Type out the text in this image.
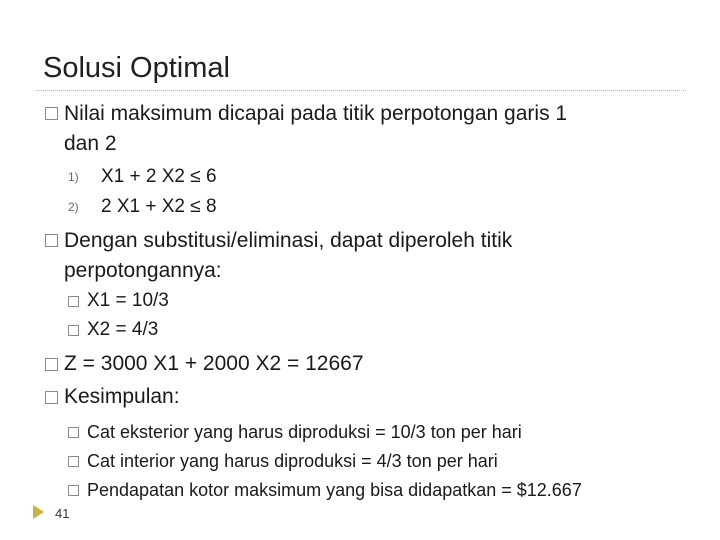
Solusi Optimal
Nilai maksimum dicapai pada titik perpotongan garis 1
dan 2
1) X1 + 2 X2 ≤ 6
2) 2 X1 + X2 ≤ 8
Dengan substitusi/eliminasi, dapat diperoleh titik
perpotongannya:
X1 = 10/3
X2 = 4/3
Z = 3000 X1 + 2000 X2 = 12667
Kesimpulan:
Cat eksterior yang harus diproduksi = 10/3 ton per hari
Cat interior yang harus diproduksi = 4/3 ton per hari
Pendapatan kotor maksimum yang bisa didapatkan = $12.667
41
